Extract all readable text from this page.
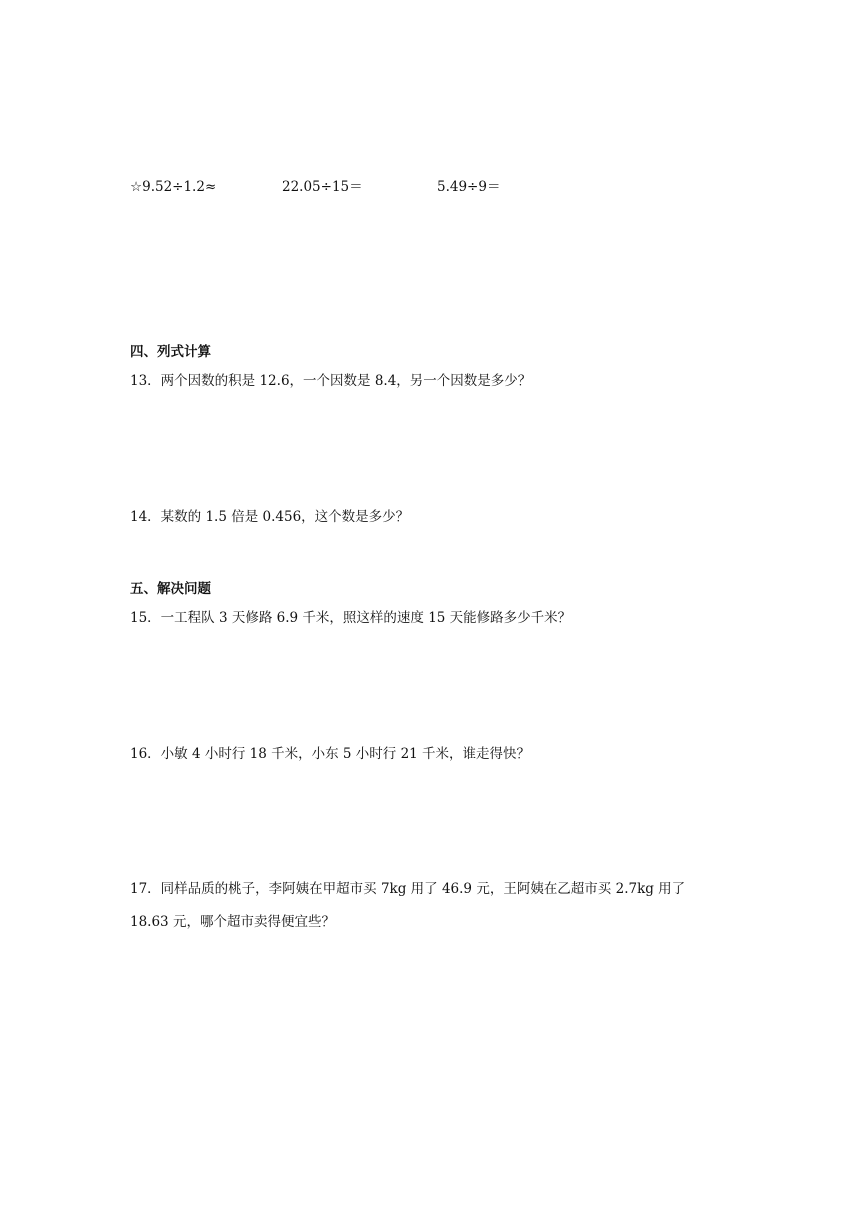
☆9.52÷1.2≈	22.05÷15＝	5.49÷9＝
四、列式计算
13．两个因数的积是 12.6，一个因数是 8.4，另一个因数是多少？
14．某数的 1.5 倍是 0.456，这个数是多少？
五、解决问题
15．一工程队 3 天修路 6.9 千米，照这样的速度 15 天能修路多少千米？
16．小敏 4 小时行 18 千米，小东 5 小时行 21 千米，谁走得快？
17．同样品质的桃子，李阿姨在甲超市买 7kg 用了 46.9 元，王阿姨在乙超市买 2.7kg 用了
18.63 元，哪个超市卖得便宜些？
